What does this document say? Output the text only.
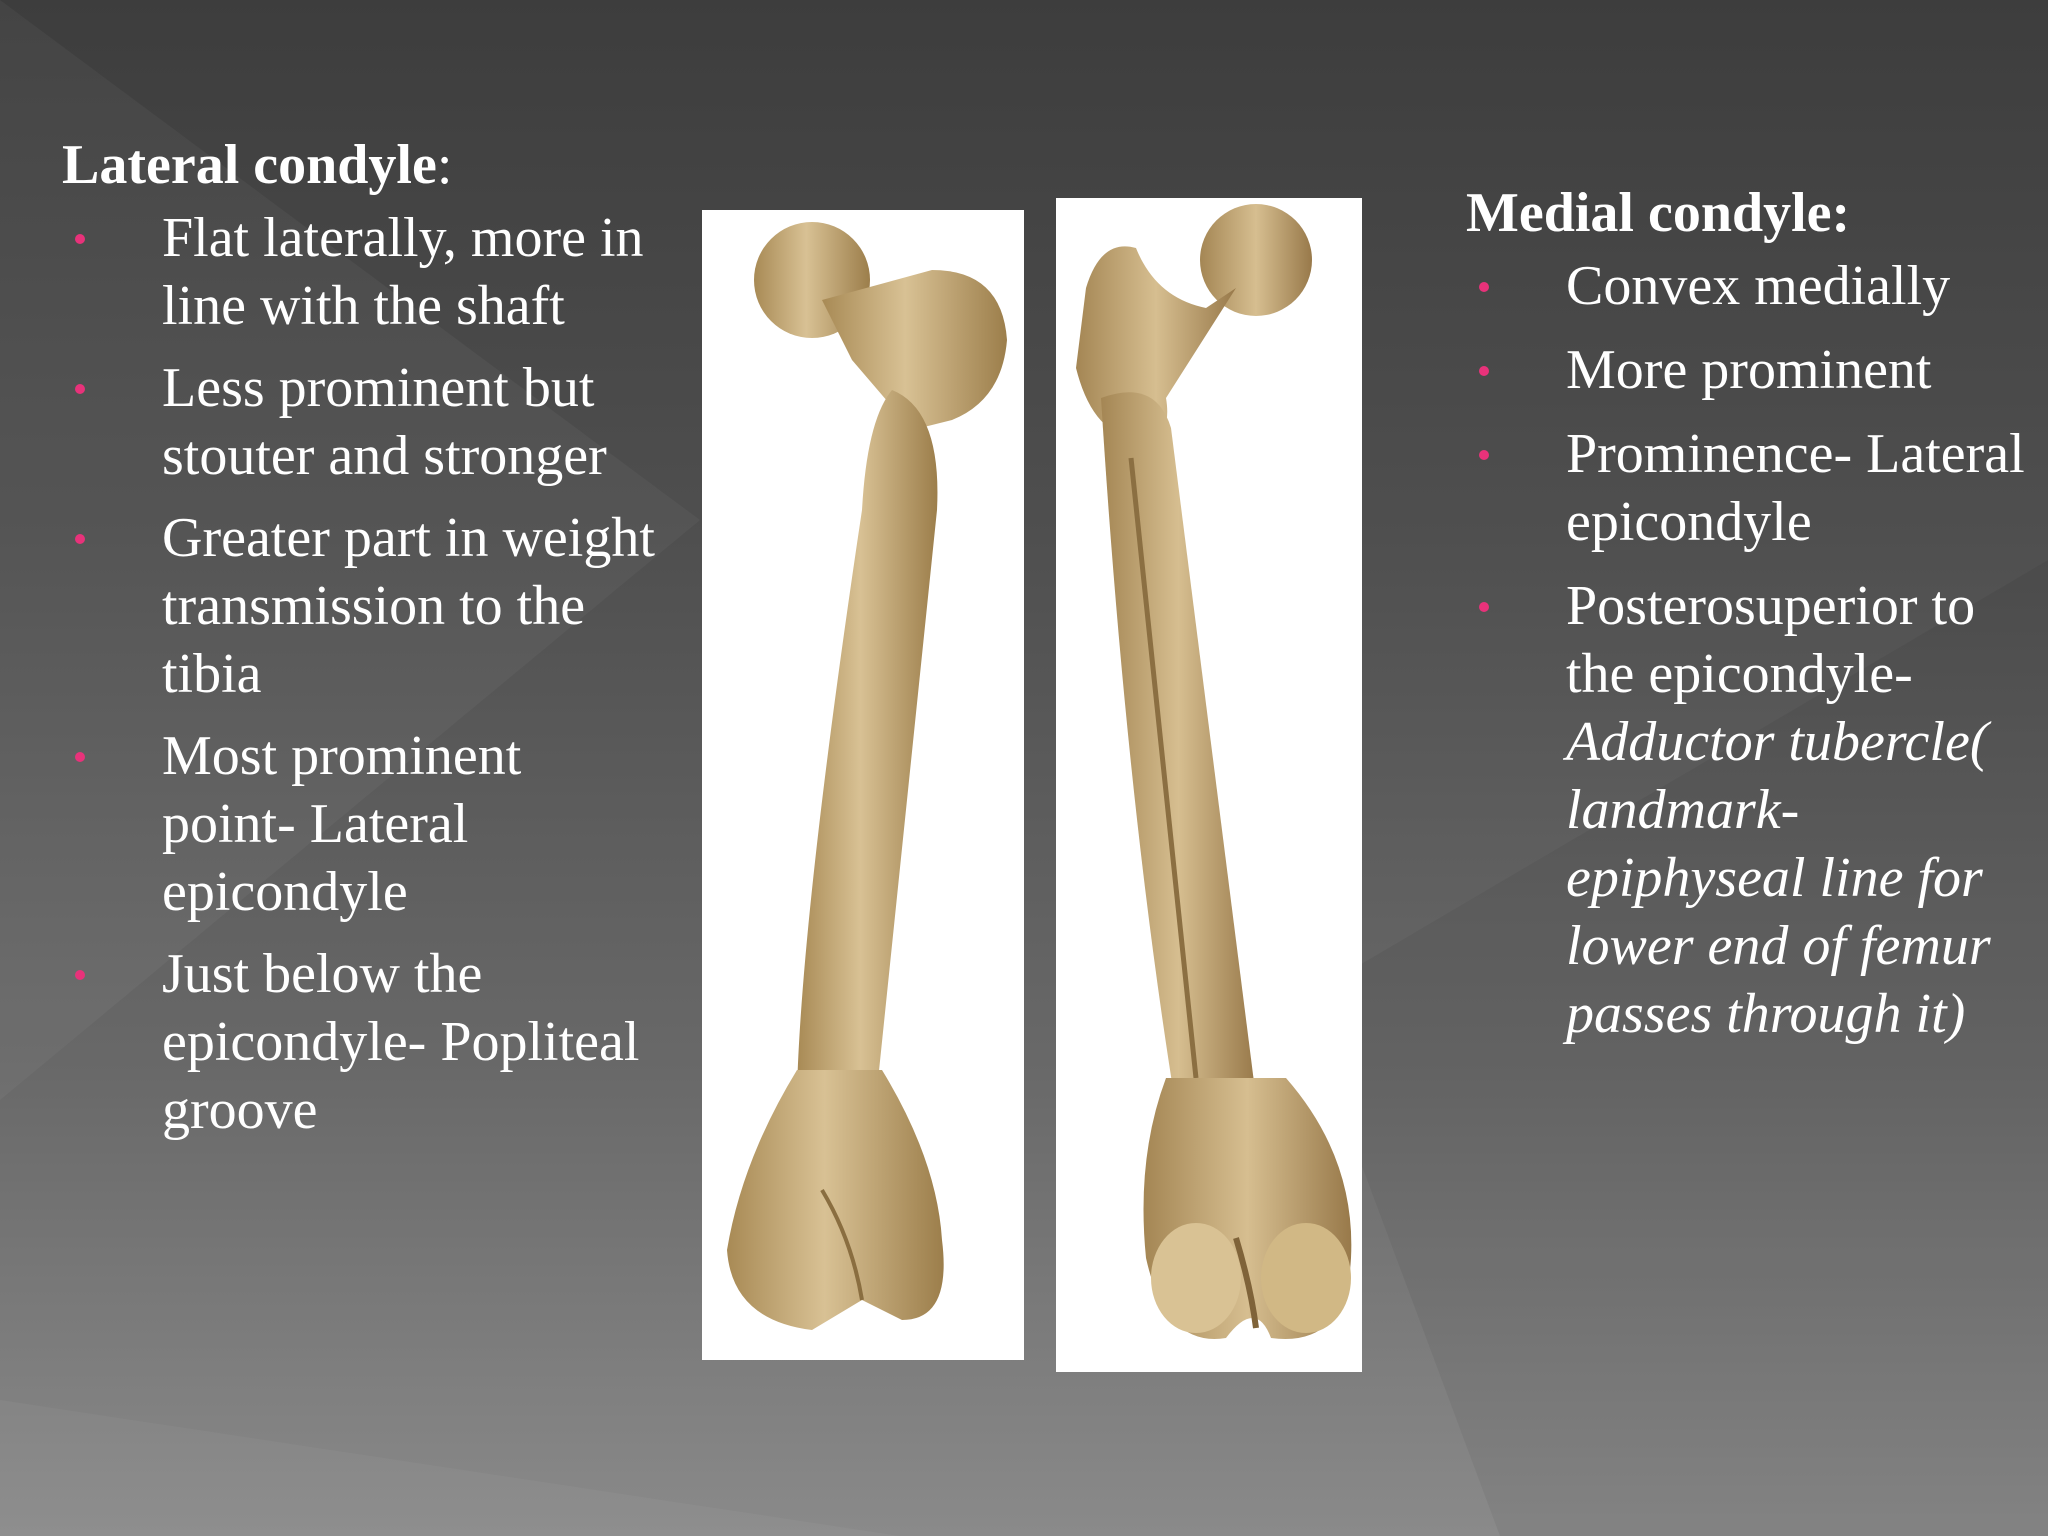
Lateral condyle:
Flat laterally, more in line with the shaft
Less prominent but stouter and stronger
Greater part in weight transmission to the tibia
Most prominent point- Lateral epicondyle
Just below the epicondyle- Popliteal groove
Medial condyle:
Convex medially
More prominent
Prominence- Lateral epicondyle
Posterosuperior to the epicondyle- Adductor tubercle( landmark- epiphyseal line for lower end of femur passes through it)
